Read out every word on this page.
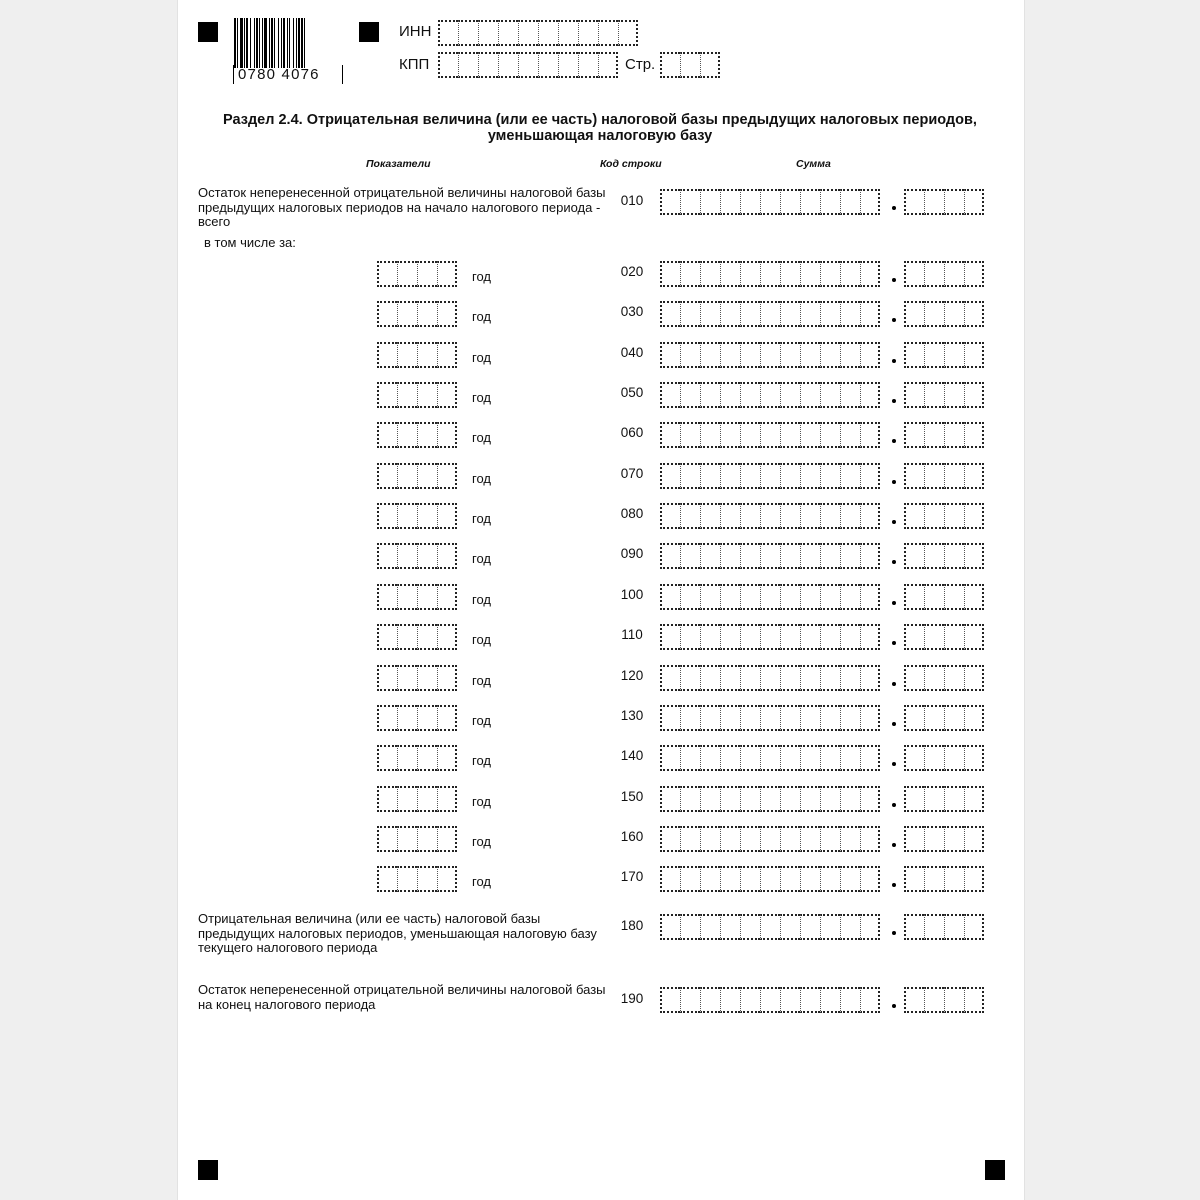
0780 4076
ИНН
КПП	Стр.
Раздел 2.4. Отрицательная величина (или ее часть) налоговой базы предыдущих налоговых периодов,
уменьшающая налоговую базу
Показатели	Код строки	Сумма
Остаток неперенесенной отрицательной величины налоговой базы предыдущих налоговых периодов на начало налогового периода - всего
010
в том числе за:
год	020
год	030
год	040
год	050
год	060
год	070
год	080
год	090
год	100
год	110
год	120
год	130
год	140
год	150
год	160
год	170
Отрицательная величина (или ее часть) налоговой базы предыдущих налоговых периодов, уменьшающая налоговую базу текущего налогового периода
180
Остаток неперенесенной отрицательной величины налоговой базы на конец налогового периода	190
